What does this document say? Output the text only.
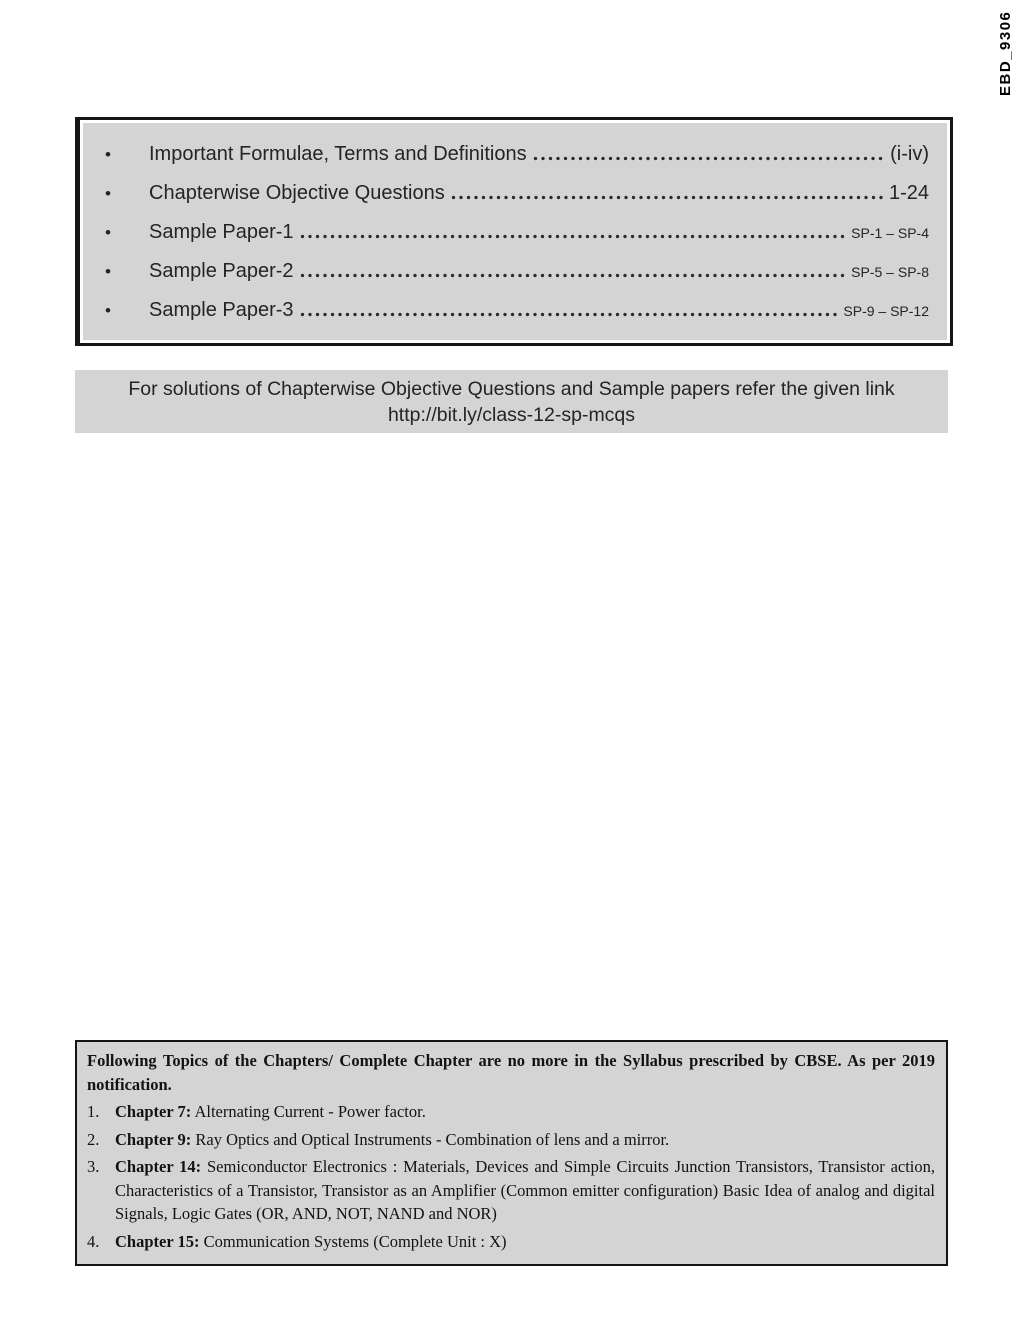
EBD_9306
•	Important Formulae, Terms and Definitions	(i-iv)
•	Chapterwise Objective Questions	1-24
•	Sample Paper-1	SP-1 – SP-4
•	Sample Paper-2	SP-5 – SP-8
•	Sample Paper-3	SP-9 – SP-12
For solutions of Chapterwise Objective Questions and Sample papers refer the given link
http://bit.ly/class-12-sp-mcqs
Following Topics of the Chapters/ Complete Chapter are no more in the Syllabus prescribed by CBSE. As per 2019 notification.
1. Chapter 7: Alternating Current - Power factor.
2. Chapter 9: Ray Optics and Optical Instruments - Combination of lens and a mirror.
3. Chapter 14: Semiconductor Electronics : Materials, Devices and Simple Circuits Junction Transistors, Transistor action, Characteristics of a Transistor, Transistor as an Amplifier (Common emitter configuration) Basic Idea of analog and digital Signals, Logic Gates (OR, AND, NOT, NAND and NOR)
4. Chapter 15: Communication Systems (Complete Unit : X)
